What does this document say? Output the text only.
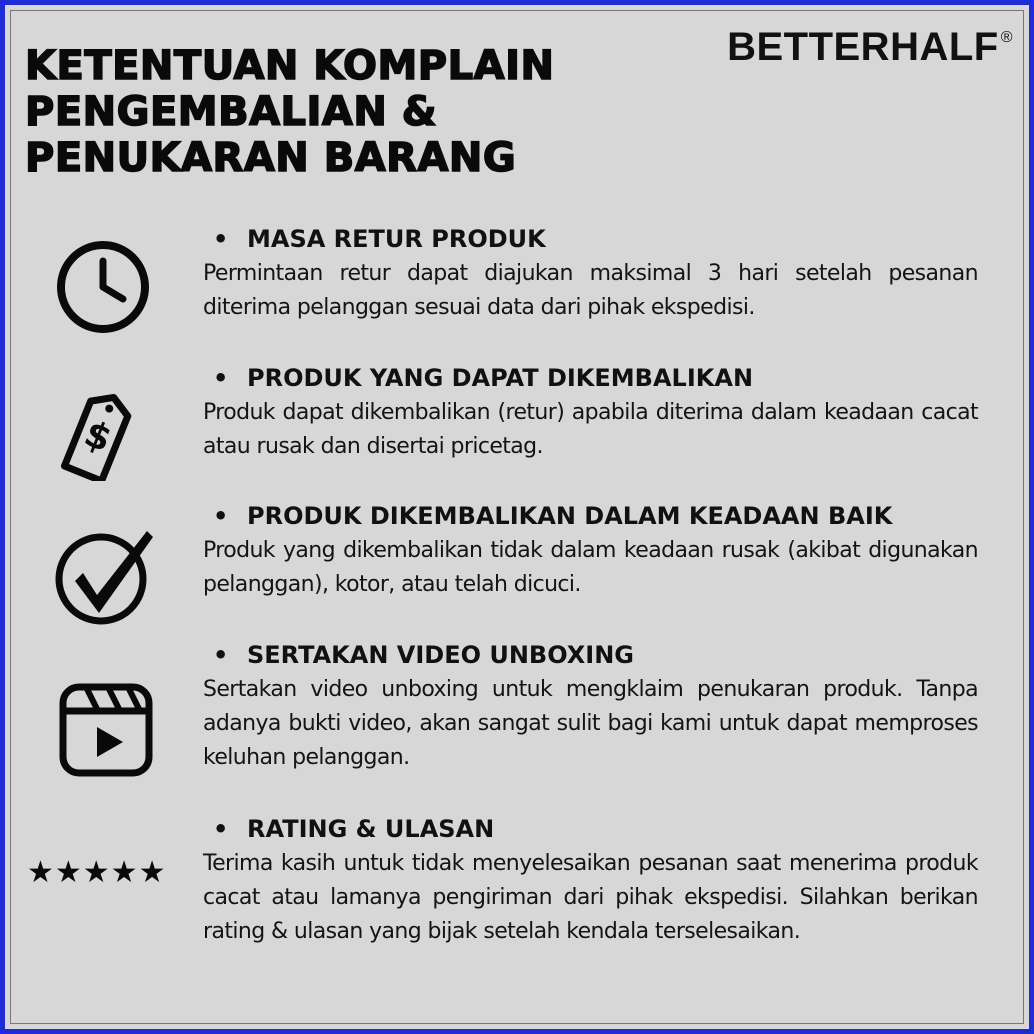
KETENTUAN KOMPLAIN
PENGEMBALIAN &
PENUKARAN BARANG
BETTERHALF ®
$
★★★★★

• MASA RETUR PRODUK

Permintaan retur dapat diajukan maksimal 3 hari setelah pesanan diterima pelanggan sesuai data dari pihak ekspedisi.

• PRODUK YANG DAPAT DIKEMBALIKAN

Produk dapat dikembalikan (retur) apabila diterima dalam keadaan cacat atau rusak dan disertai pricetag.

• PRODUK DIKEMBALIKAN DALAM KEADAAN BAIK

Produk yang dikembalikan tidak dalam keadaan rusak (akibat digunakan pelanggan), kotor, atau telah dicuci.

• SERTAKAN VIDEO UNBOXING

Sertakan video unboxing untuk mengklaim penukaran produk. Tanpa adanya bukti video, akan sangat sulit bagi kami untuk dapat memproses keluhan pelanggan.

• RATING & ULASAN

Terima kasih untuk tidak menyelesaikan pesanan saat menerima produk cacat atau lamanya pengiriman dari pihak ekspedisi. Silahkan berikan rating & ulasan yang bijak setelah kendala terselesaikan.
